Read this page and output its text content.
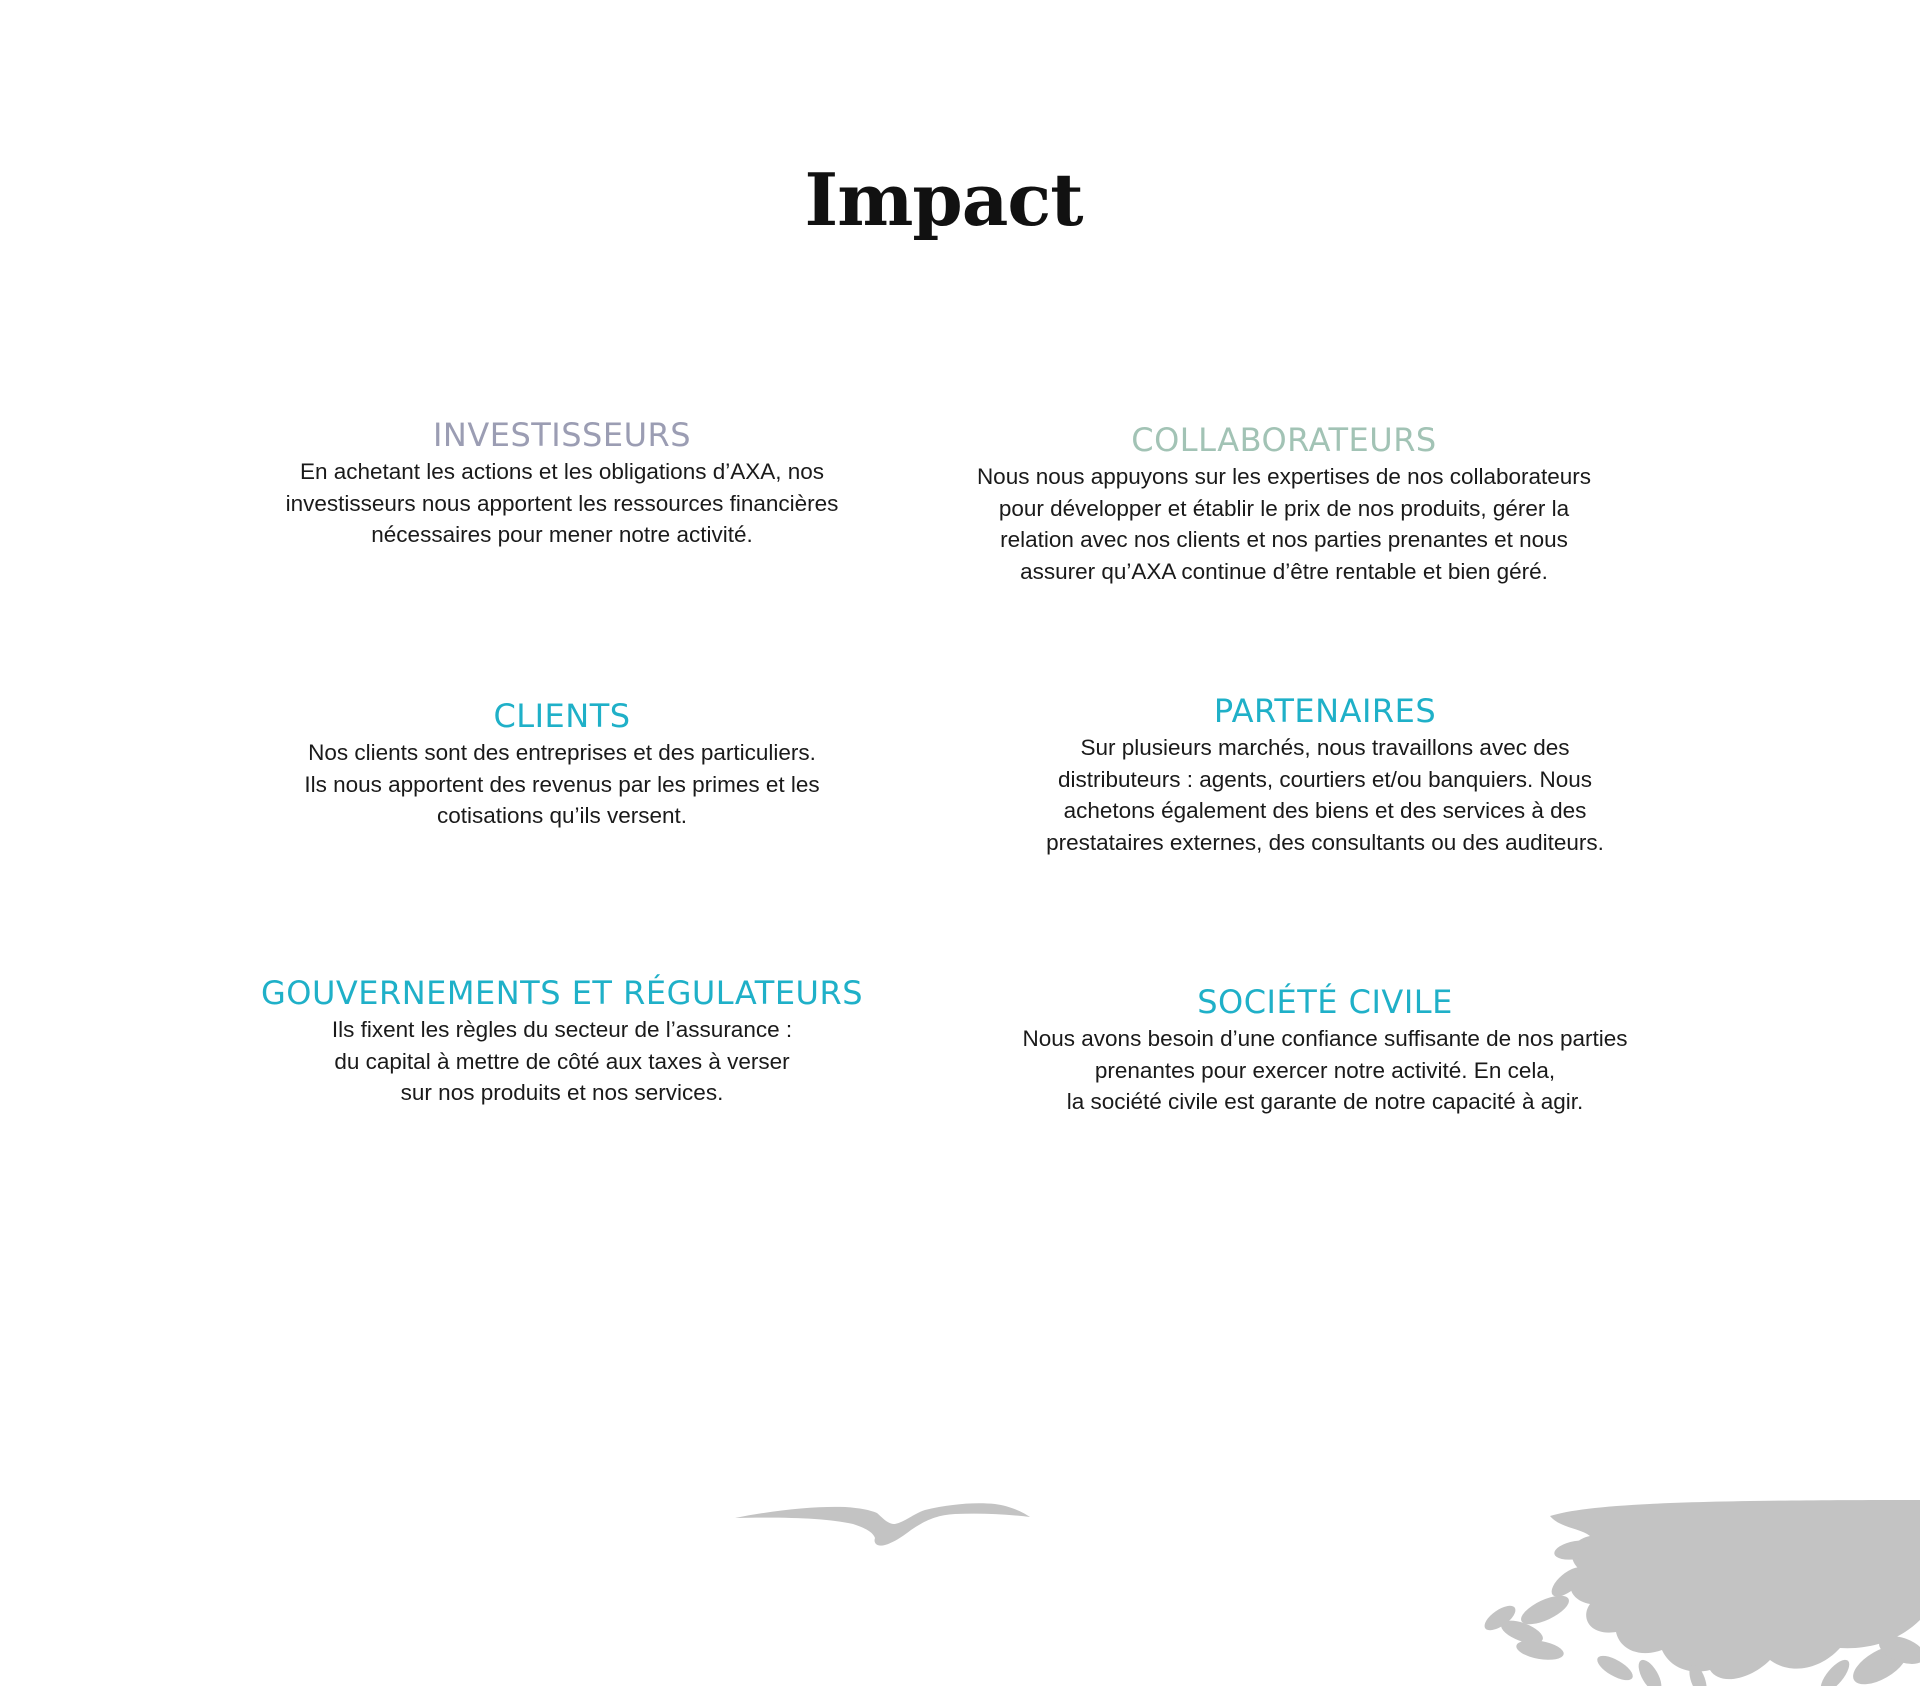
Impact
INVESTISSEURS

En achetant les actions et les obligations d’AXA, nos
investisseurs nous apportent les ressources financières
nécessaires pour mener notre activité.

COLLABORATEURS

Nous nous appuyons sur les expertises de nos collaborateurs
pour développer et établir le prix de nos produits, gérer la
relation avec nos clients et nos parties prenantes et nous
assurer qu’AXA continue d’être rentable et bien géré.

CLIENTS

Nos clients sont des entreprises et des particuliers.
Ils nous apportent des revenus par les primes et les
cotisations qu’ils versent.

PARTENAIRES

Sur plusieurs marchés, nous travaillons avec des
distributeurs : agents, courtiers et/ou banquiers. Nous
achetons également des biens et des services à des
prestataires externes, des consultants ou des auditeurs.

GOUVERNEMENTS ET RÉGULATEURS

Ils fixent les règles du secteur de l’assurance :
du capital à mettre de côté aux taxes à verser
sur nos produits et nos services.

SOCIÉTÉ CIVILE

Nous avons besoin d’une confiance suffisante de nos parties
prenantes pour exercer notre activité. En cela,
la société civile est garante de notre capacité à agir.
